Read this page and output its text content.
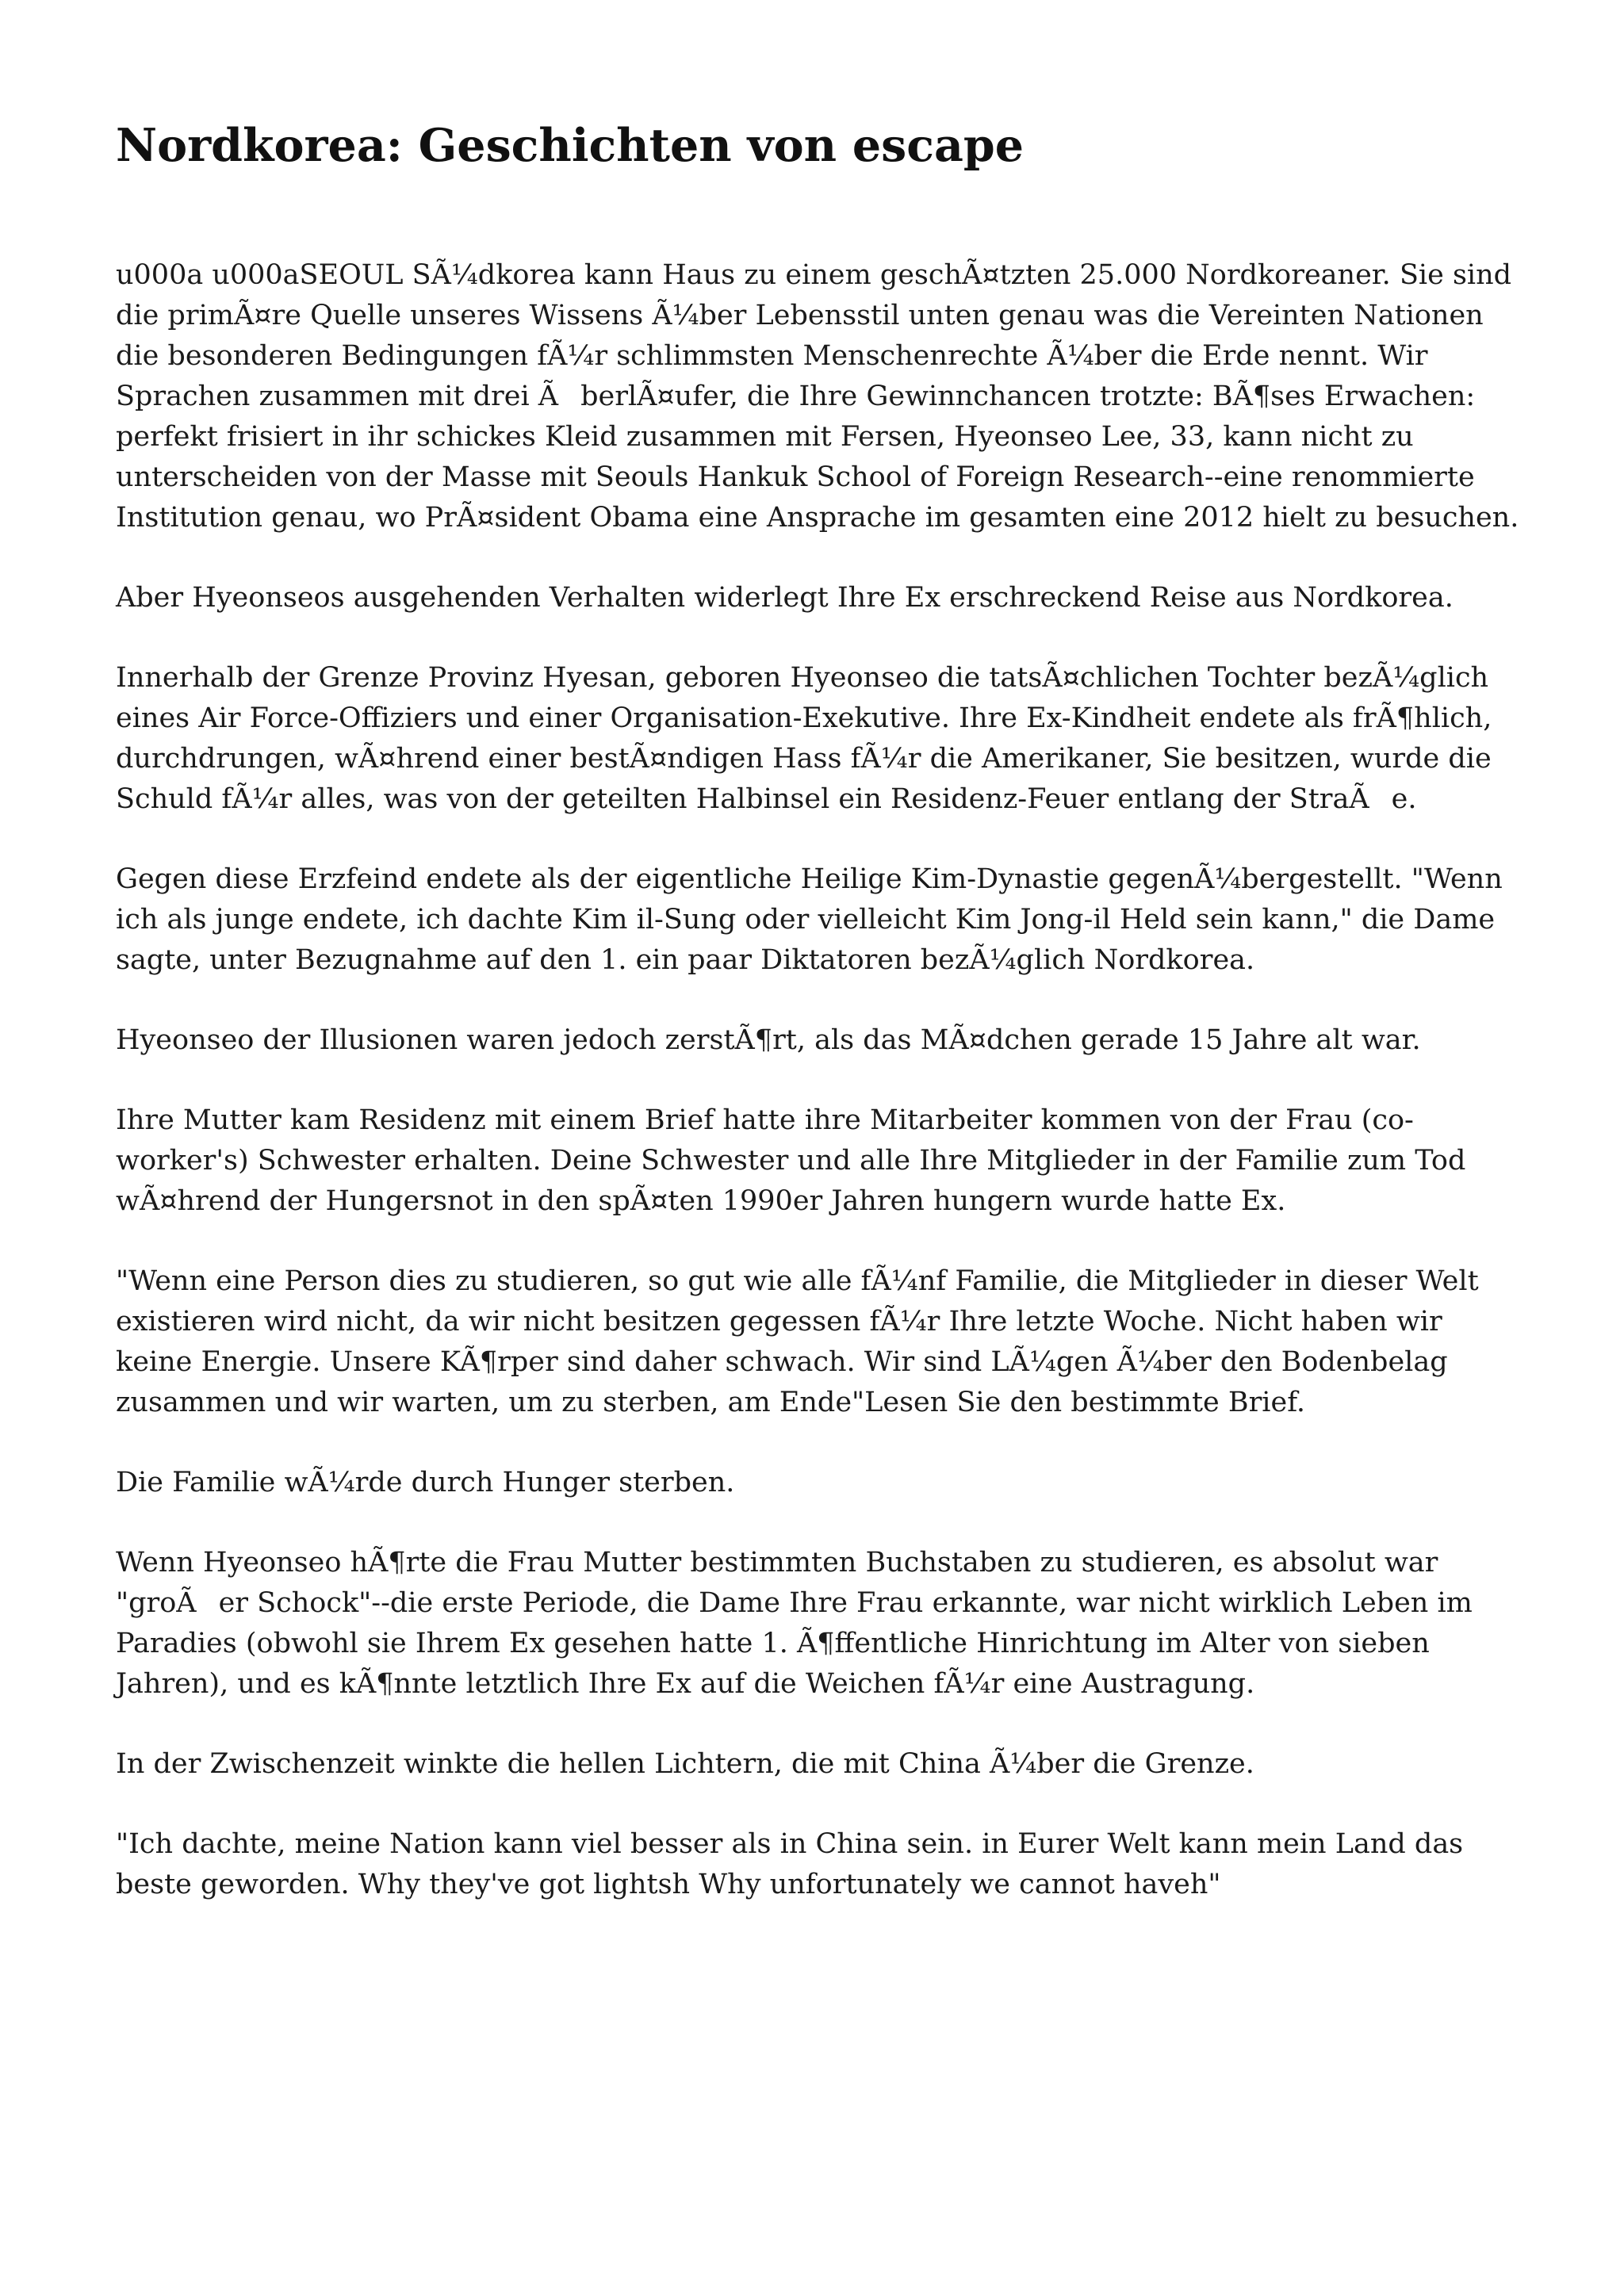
Nordkorea: Geschichten von escape

u000a u000aSEOUL SÃ¼dkorea kann Haus zu einem geschÃ¤tzten 25.000 Nordkoreaner. Sie sind die primÃ¤re Quelle unseres Wissens Ã¼ber Lebensstil unten genau was die Vereinten Nationen die besonderen Bedingungen fÃ¼r schlimmsten Menschenrechte Ã¼ber die Erde nennt. Wir Sprachen zusammen mit drei ÃberlÃ¤ufer, die Ihre Gewinnchancen trotzte: BÃ¶ses Erwachen: perfekt frisiert in ihr schickes Kleid zusammen mit Fersen, Hyeonseo Lee, 33, kann nicht zu unterscheiden von der Masse mit Seouls Hankuk School of Foreign Research--eine renommierte Institution genau, wo PrÃ¤sident Obama eine Ansprache im gesamten eine 2012 hielt zu besuchen.

Aber Hyeonseos ausgehenden Verhalten widerlegt Ihre Ex erschreckend Reise aus Nordkorea.

Innerhalb der Grenze Provinz Hyesan, geboren Hyeonseo die tatsÃ¤chlichen Tochter bezÃ¼glich eines Air Force-Offiziers und einer Organisation-Exekutive. Ihre Ex-Kindheit endete als frÃ¶hlich, durchdrungen, wÃ¤hrend einer bestÃ¤ndigen Hass fÃ¼r die Amerikaner, Sie besitzen, wurde die Schuld fÃ¼r alles, was von der geteilten Halbinsel ein Residenz-Feuer entlang der StraÃe.

Gegen diese Erzfeind endete als der eigentliche Heilige Kim-Dynastie gegenÃ¼bergestellt. "Wenn ich als junge endete, ich dachte Kim il-Sung oder vielleicht Kim Jong-il Held sein kann," die Dame sagte, unter Bezugnahme auf den 1. ein paar Diktatoren bezÃ¼glich Nordkorea.

Hyeonseo der Illusionen waren jedoch zerstÃ¶rt, als das MÃ¤dchen gerade 15 Jahre alt war.

Ihre Mutter kam Residenz mit einem Brief hatte ihre Mitarbeiter kommen von der Frau (co-worker's) Schwester erhalten. Deine Schwester und alle Ihre Mitglieder in der Familie zum Tod wÃ¤hrend der Hungersnot in den spÃ¤ten 1990er Jahren hungern wurde hatte Ex.

"Wenn eine Person dies zu studieren, so gut wie alle fÃ¼nf Familie, die Mitglieder in dieser Welt existieren wird nicht, da wir nicht besitzen gegessen fÃ¼r Ihre letzte Woche. Nicht haben wir keine Energie. Unsere KÃ¶rper sind daher schwach. Wir sind LÃ¼gen Ã¼ber den Bodenbelag zusammen und wir warten, um zu sterben, am Ende"Lesen Sie den bestimmte Brief.

Die Familie wÃ¼rde durch Hunger sterben.

Wenn Hyeonseo hÃ¶rte die Frau Mutter bestimmten Buchstaben zu studieren, es absolut war "groÃer Schock"--die erste Periode, die Dame Ihre Frau erkannte, war nicht wirklich Leben im Paradies (obwohl sie Ihrem Ex gesehen hatte 1. Ã¶ffentliche Hinrichtung im Alter von sieben Jahren), und es kÃ¶nnte letztlich Ihre Ex auf die Weichen fÃ¼r eine Austragung.

In der Zwischenzeit winkte die hellen Lichtern, die mit China Ã¼ber die Grenze.

"Ich dachte, meine Nation kann viel besser als in China sein. in Eurer Welt kann mein Land das beste geworden. Why they've got lightsh Why unfortunately we cannot haveh"
